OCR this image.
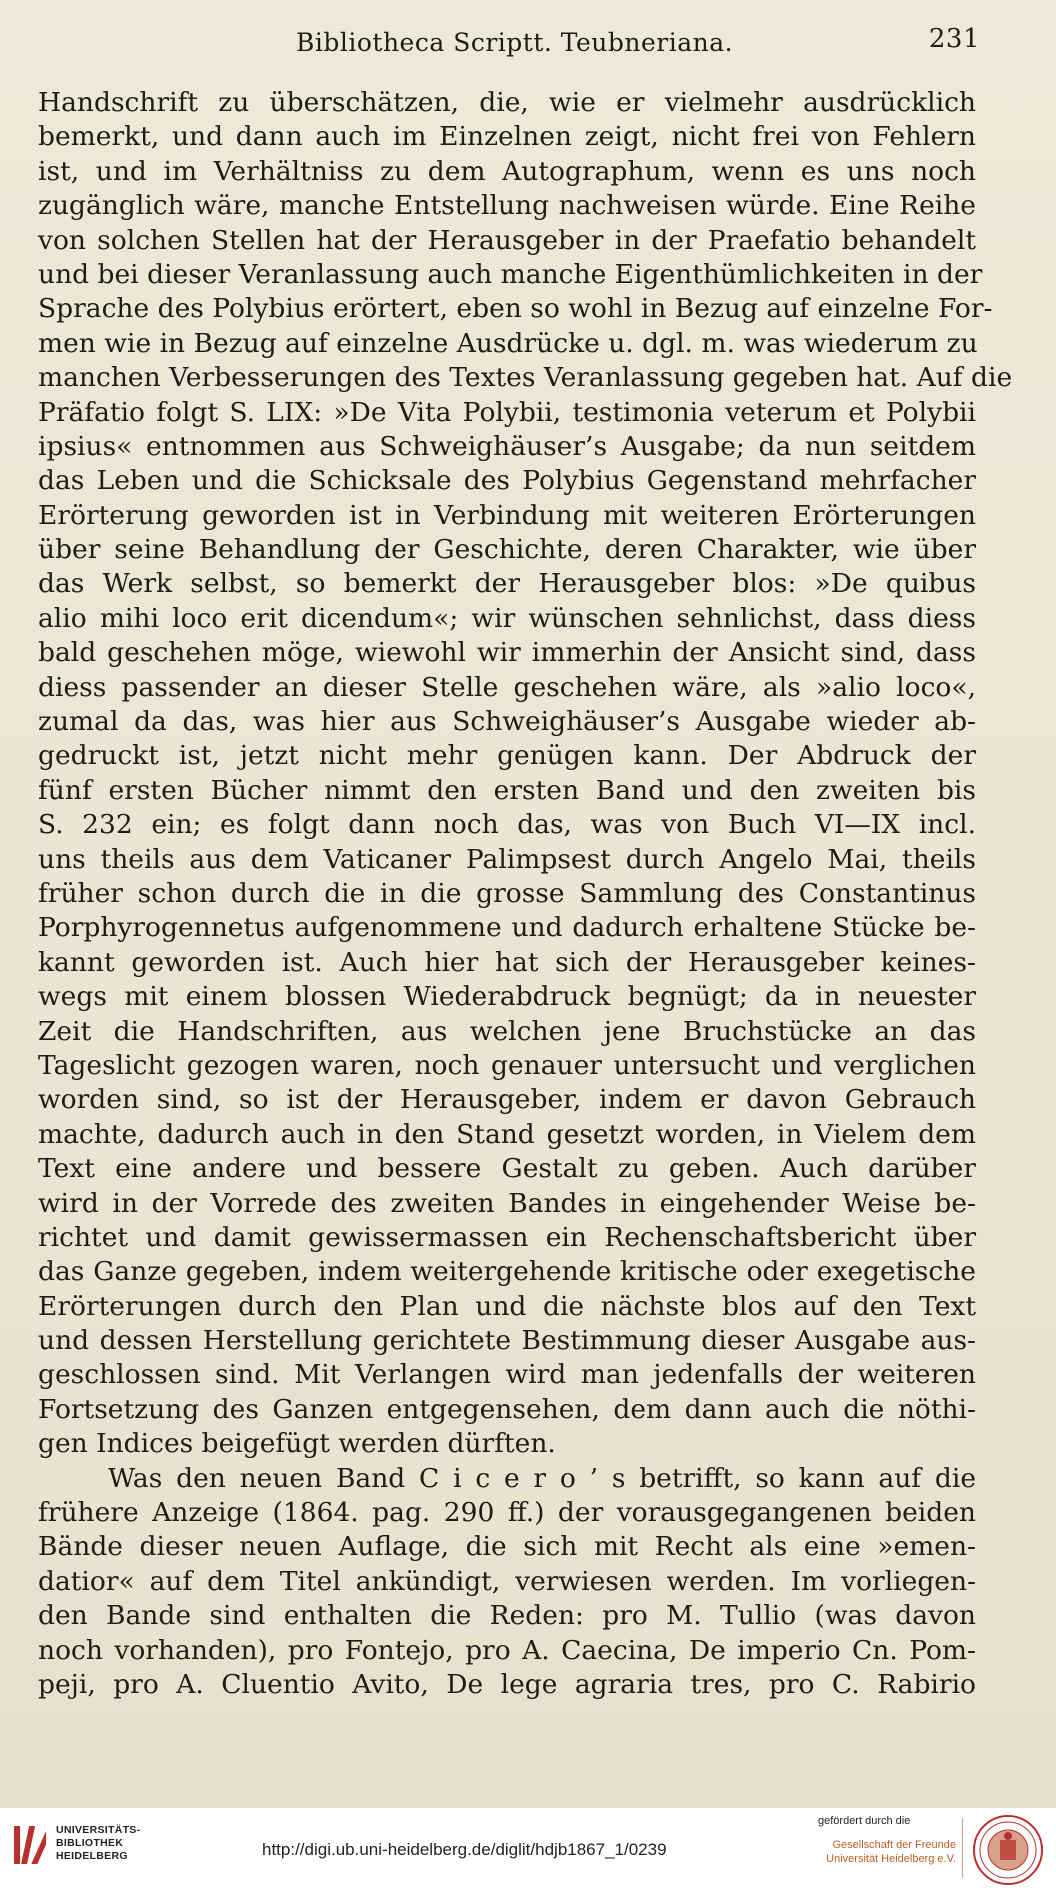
Bibliotheca Scriptt. Teubneriana.	231
Handschrift zu überschätzen, die, wie er vielmehr ausdrücklich
bemerkt, und dann auch im Einzelnen zeigt, nicht frei von Fehlern
ist, und im Verhältniss zu dem Autographum, wenn es uns noch
zugänglich wäre, manche Entstellung nachweisen würde. Eine Reihe
von solchen Stellen hat der Herausgeber in der Praefatio behandelt
und bei dieser Veranlassung auch manche Eigenthümlichkeiten in der
Sprache des Polybius erörtert, eben so wohl in Bezug auf einzelne For-
men wie in Bezug auf einzelne Ausdrücke u. dgl. m. was wiederum zu
manchen Verbesserungen des Textes Veranlassung gegeben hat. Auf die
Präfatio folgt S. LIX: »De Vita Polybii, testimonia veterum et Polybii
ipsius« entnommen aus Schweighäuser’s Ausgabe; da nun seitdem
das Leben und die Schicksale des Polybius Gegenstand mehrfacher
Erörterung geworden ist in Verbindung mit weiteren Erörterungen
über seine Behandlung der Geschichte, deren Charakter, wie über
das Werk selbst, so bemerkt der Herausgeber blos: »De quibus
alio mihi loco erit dicendum«; wir wünschen sehnlichst, dass diess
bald geschehen möge, wiewohl wir immerhin der Ansicht sind, dass
diess passender an dieser Stelle geschehen wäre, als »alio loco«,
zumal da das, was hier aus Schweighäuser’s Ausgabe wieder ab-
gedruckt ist, jetzt nicht mehr genügen kann. Der Abdruck der
fünf ersten Bücher nimmt den ersten Band und den zweiten bis
S. 232 ein; es folgt dann noch das, was von Buch VI—IX incl.
uns theils aus dem Vaticaner Palimpsest durch Angelo Mai, theils
früher schon durch die in die grosse Sammlung des Constantinus
Porphyrogennetus aufgenommene und dadurch erhaltene Stücke be-
kannt geworden ist. Auch hier hat sich der Herausgeber keines-
wegs mit einem blossen Wiederabdruck begnügt; da in neuester
Zeit die Handschriften, aus welchen jene Bruchstücke an das
Tageslicht gezogen waren, noch genauer untersucht und verglichen
worden sind, so ist der Herausgeber, indem er davon Gebrauch
machte, dadurch auch in den Stand gesetzt worden, in Vielem dem
Text eine andere und bessere Gestalt zu geben. Auch darüber
wird in der Vorrede des zweiten Bandes in eingehender Weise be-
richtet und damit gewissermassen ein Rechenschaftsbericht über
das Ganze gegeben, indem weitergehende kritische oder exegetische
Erörterungen durch den Plan und die nächste blos auf den Text
und dessen Herstellung gerichtete Bestimmung dieser Ausgabe aus-
geschlossen sind. Mit Verlangen wird man jedenfalls der weiteren
Fortsetzung des Ganzen entgegensehen, dem dann auch die nöthi-
gen Indices beigefügt werden dürften.
Was den neuen Band C i c e r o ’ s betrifft, so kann auf die
frühere Anzeige (1864. pag. 290 ff.) der vorausgegangenen beiden
Bände dieser neuen Auflage, die sich mit Recht als eine »emen-
datior« auf dem Titel ankündigt, verwiesen werden. Im vorliegen-
den Bande sind enthalten die Reden: pro M. Tullio (was davon
noch vorhanden), pro Fontejo, pro A. Caecina, De imperio Cn. Pom-
peji, pro A. Cluentio Avito, De lege agraria tres, pro C. Rabirio
UNIVERSITÄTS-
BIBLIOTHEK
HEIDELBERG	http://digi.ub.uni-heidelberg.de/diglit/hdjb1867_1/0239
gefördert durch die
Gesellschaft der Freunde
Universität Heidelberg e.V.
